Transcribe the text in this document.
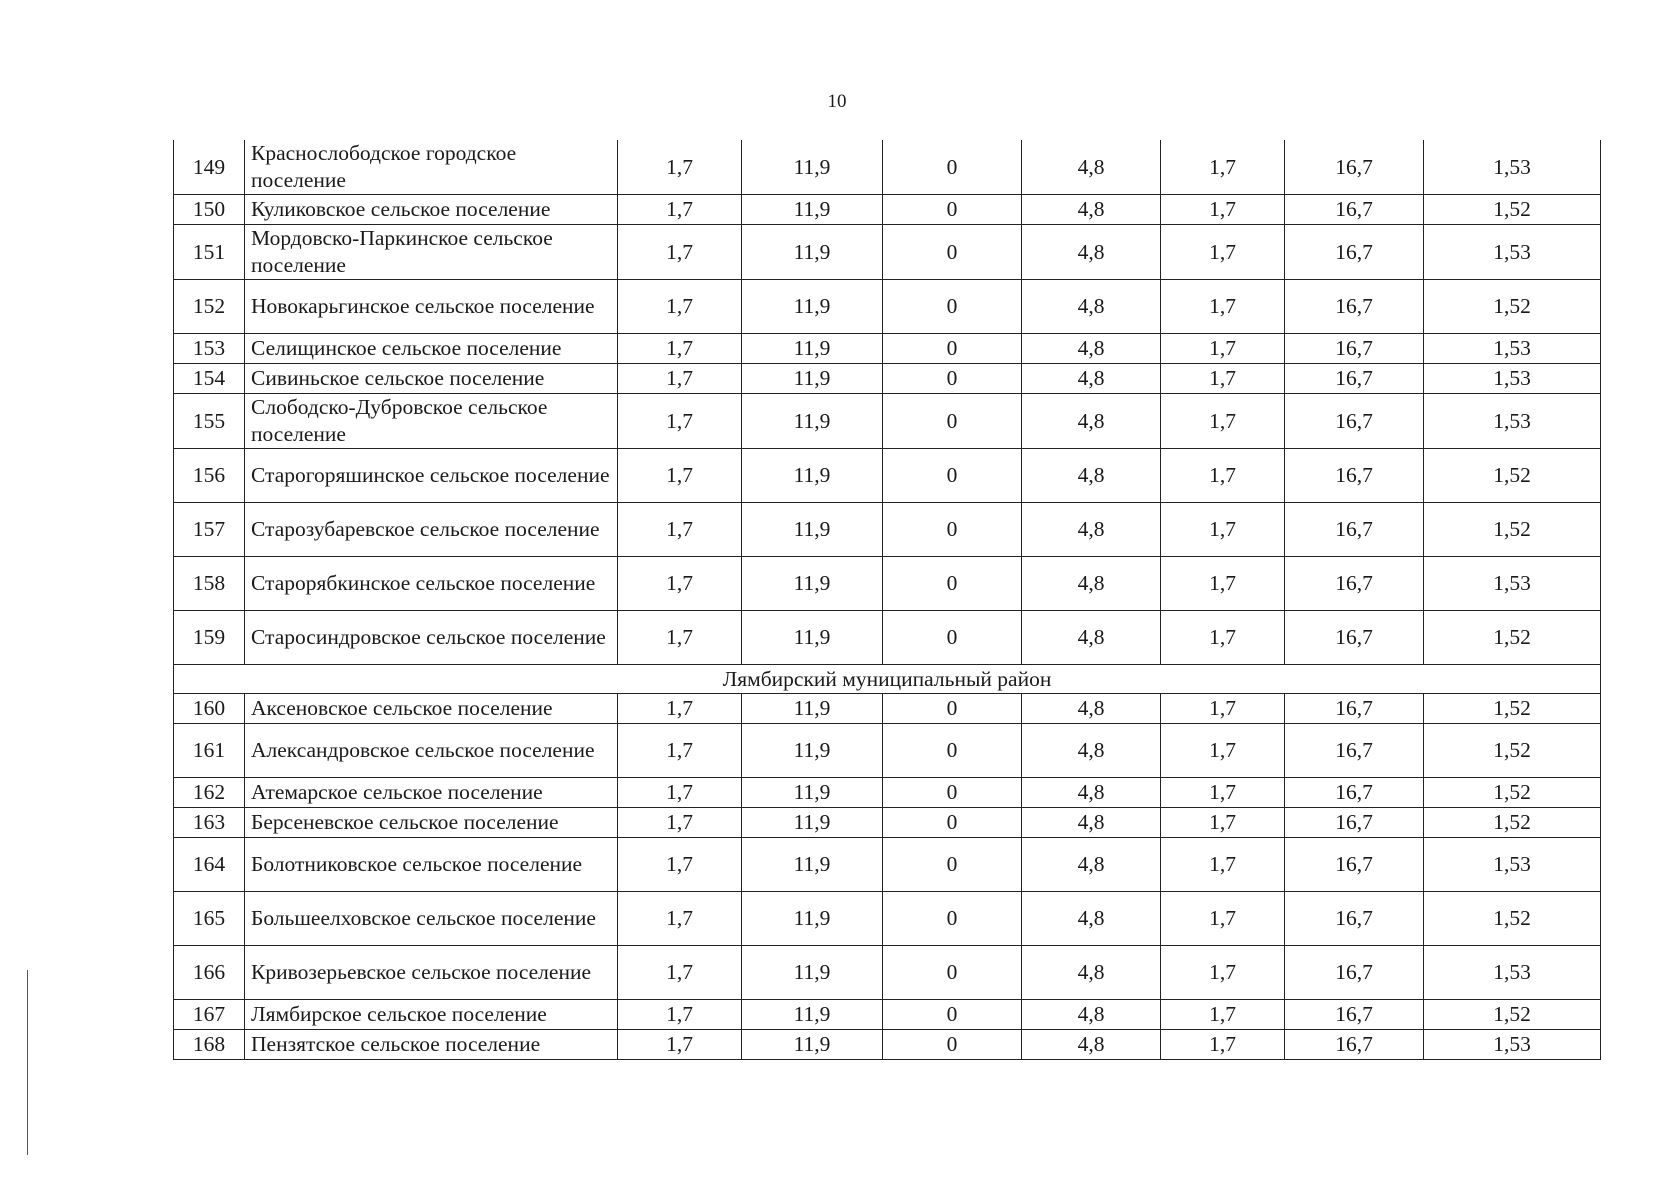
10
149	Краснослободское городское поселение	1,7	11,9	0	4,8	1,7	16,7	1,53
150	Куликовское сельское поселение	1,7	11,9	0	4,8	1,7	16,7	1,52
151	Мордовско-Паркинское сельское поселение	1,7	11,9	0	4,8	1,7	16,7	1,53
152	Новокарьгинское сельское поселение	1,7	11,9	0	4,8	1,7	16,7	1,52
153	Селищинское сельское поселение	1,7	11,9	0	4,8	1,7	16,7	1,53
154	Сивиньское сельское поселение	1,7	11,9	0	4,8	1,7	16,7	1,53
155	Слободско-Дубровское сельское поселение	1,7	11,9	0	4,8	1,7	16,7	1,53
156	Старогоряшинское сельское поселение	1,7	11,9	0	4,8	1,7	16,7	1,52
157	Старозубаревское сельское поселение	1,7	11,9	0	4,8	1,7	16,7	1,52
158	Старорябкинское сельское поселение	1,7	11,9	0	4,8	1,7	16,7	1,53
159	Старосиндровское сельское поселение	1,7	11,9	0	4,8	1,7	16,7	1,52
Лямбирский муниципальный район								
160	Аксеновское сельское поселение	1,7	11,9	0	4,8	1,7	16,7	1,52
161	Александровское сельское поселение	1,7	11,9	0	4,8	1,7	16,7	1,52
162	Атемарское сельское поселение	1,7	11,9	0	4,8	1,7	16,7	1,52
163	Берсеневское сельское поселение	1,7	11,9	0	4,8	1,7	16,7	1,52
164	Болотниковское сельское поселение	1,7	11,9	0	4,8	1,7	16,7	1,53
165	Большеелховское сельское поселение	1,7	11,9	0	4,8	1,7	16,7	1,52
166	Кривозерьевское сельское поселение	1,7	11,9	0	4,8	1,7	16,7	1,53
167	Лямбирское сельское поселение	1,7	11,9	0	4,8	1,7	16,7	1,52
168	Пензятское сельское поселение	1,7	11,9	0	4,8	1,7	16,7	1,53
